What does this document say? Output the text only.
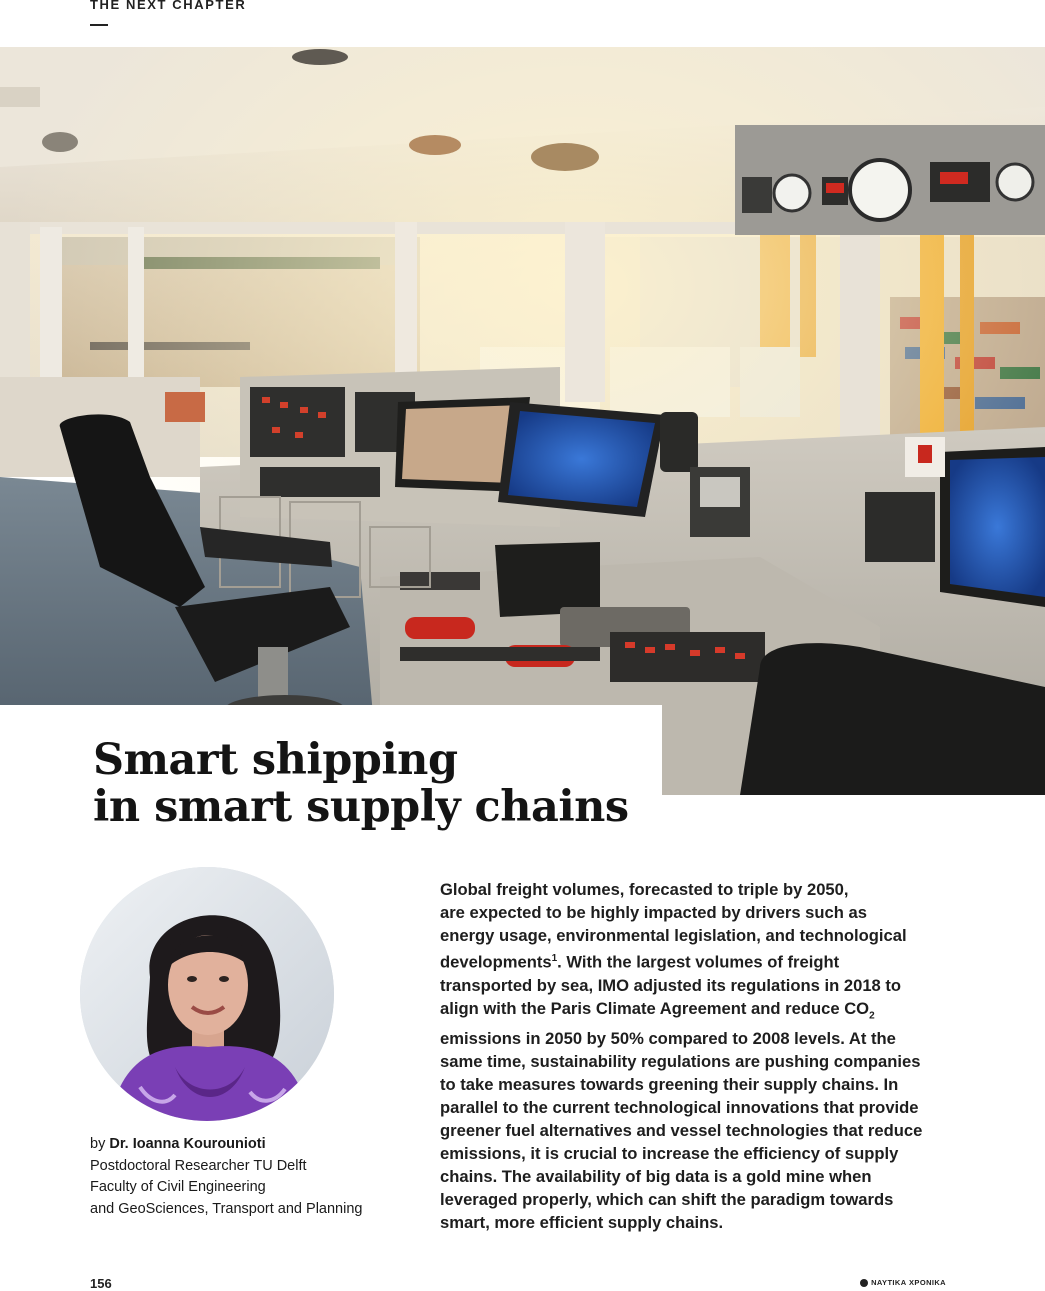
THE NEXT CHAPTER
Smart shipping
in smart supply chains
by Dr. Ioanna Kourounioti
Postdoctoral Researcher TU Delft
Faculty of Civil Engineering
and GeoSciences, Transport and Planning

Global freight volumes, forecasted to triple by 2050,

are expected to be highly impacted by drivers such as

energy usage, environmental legislation, and technological

developments$^1$. With the largest volumes of freight

transported by sea, IMO adjusted its regulations in 2018 to

align with the Paris Climate Agreement and reduce $CO_2$

emissions in 2050 by 50% compared to 2008 levels. At the

same time, sustainability regulations are pushing companies

to take measures towards greening their supply chains. In

parallel to the current technological innovations that provide

greener fuel alternatives and vessel technologies that reduce

emissions, it is crucial to increase the efficiency of supply

chains. The availability of big data is a gold mine when

leveraged properly, which can shift the paradigm towards

smart, more efficient supply chains.

156	ΝΑΥΤΙΚΑ ΧΡΟΝΙΚΑ
